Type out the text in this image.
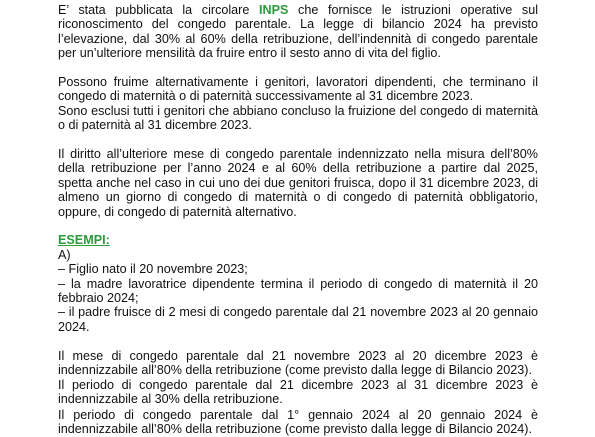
E’ stata pubblicata la circolare INPS che fornisce le istruzioni operative sul riconoscimento del congedo parentale. La legge di bilancio 2024 ha previsto l’elevazione, dal 30% al 60% della retribuzione, dell’indennità di congedo parentale per un’ulteriore mensilità da fruire entro il sesto anno di vita del figlio.

Possono fruime alternativamente i genitori, lavoratori dipendenti, che terminano il congedo di maternità o di paternità successivamente al 31 dicembre 2023.

Sono esclusi tutti i genitori che abbiano concluso la fruizione del congedo di maternità o di paternità al 31 dicembre 2023.

Il diritto all’ulteriore mese di congedo parentale indennizzato nella misura dell’80% della retribuzione per l’anno 2024 e al 60% della retribuzione a partire dal 2025, spetta anche nel caso in cui uno dei due genitori fruisca, dopo il 31 dicembre 2023, di almeno un giorno di congedo di maternità o di congedo di paternità obbligatorio, oppure, di congedo di paternità alternativo.

ESEMPI:

A)

– Figlio nato il 20 novembre 2023;

– la madre lavoratrice dipendente termina il periodo di congedo di maternità il 20 febbraio 2024;

– il padre fruisce di 2 mesi di congedo parentale dal 21 novembre 2023 al 20 gennaio 2024.

Il mese di congedo parentale dal 21 novembre 2023 al 20 dicembre 2023 è indennizzabile all’80% della retribuzione (come previsto dalla legge di Bilancio 2023).

Il periodo di congedo parentale dal 21 dicembre 2023 al 31 dicembre 2023 è indennizzabile al 30% della retribuzione.

Il periodo di congedo parentale dal 1° gennaio 2024 al 20 gennaio 2024 è indennizzabile all’80% della retribuzione (come previsto dalla legge di Bilancio 2024).
